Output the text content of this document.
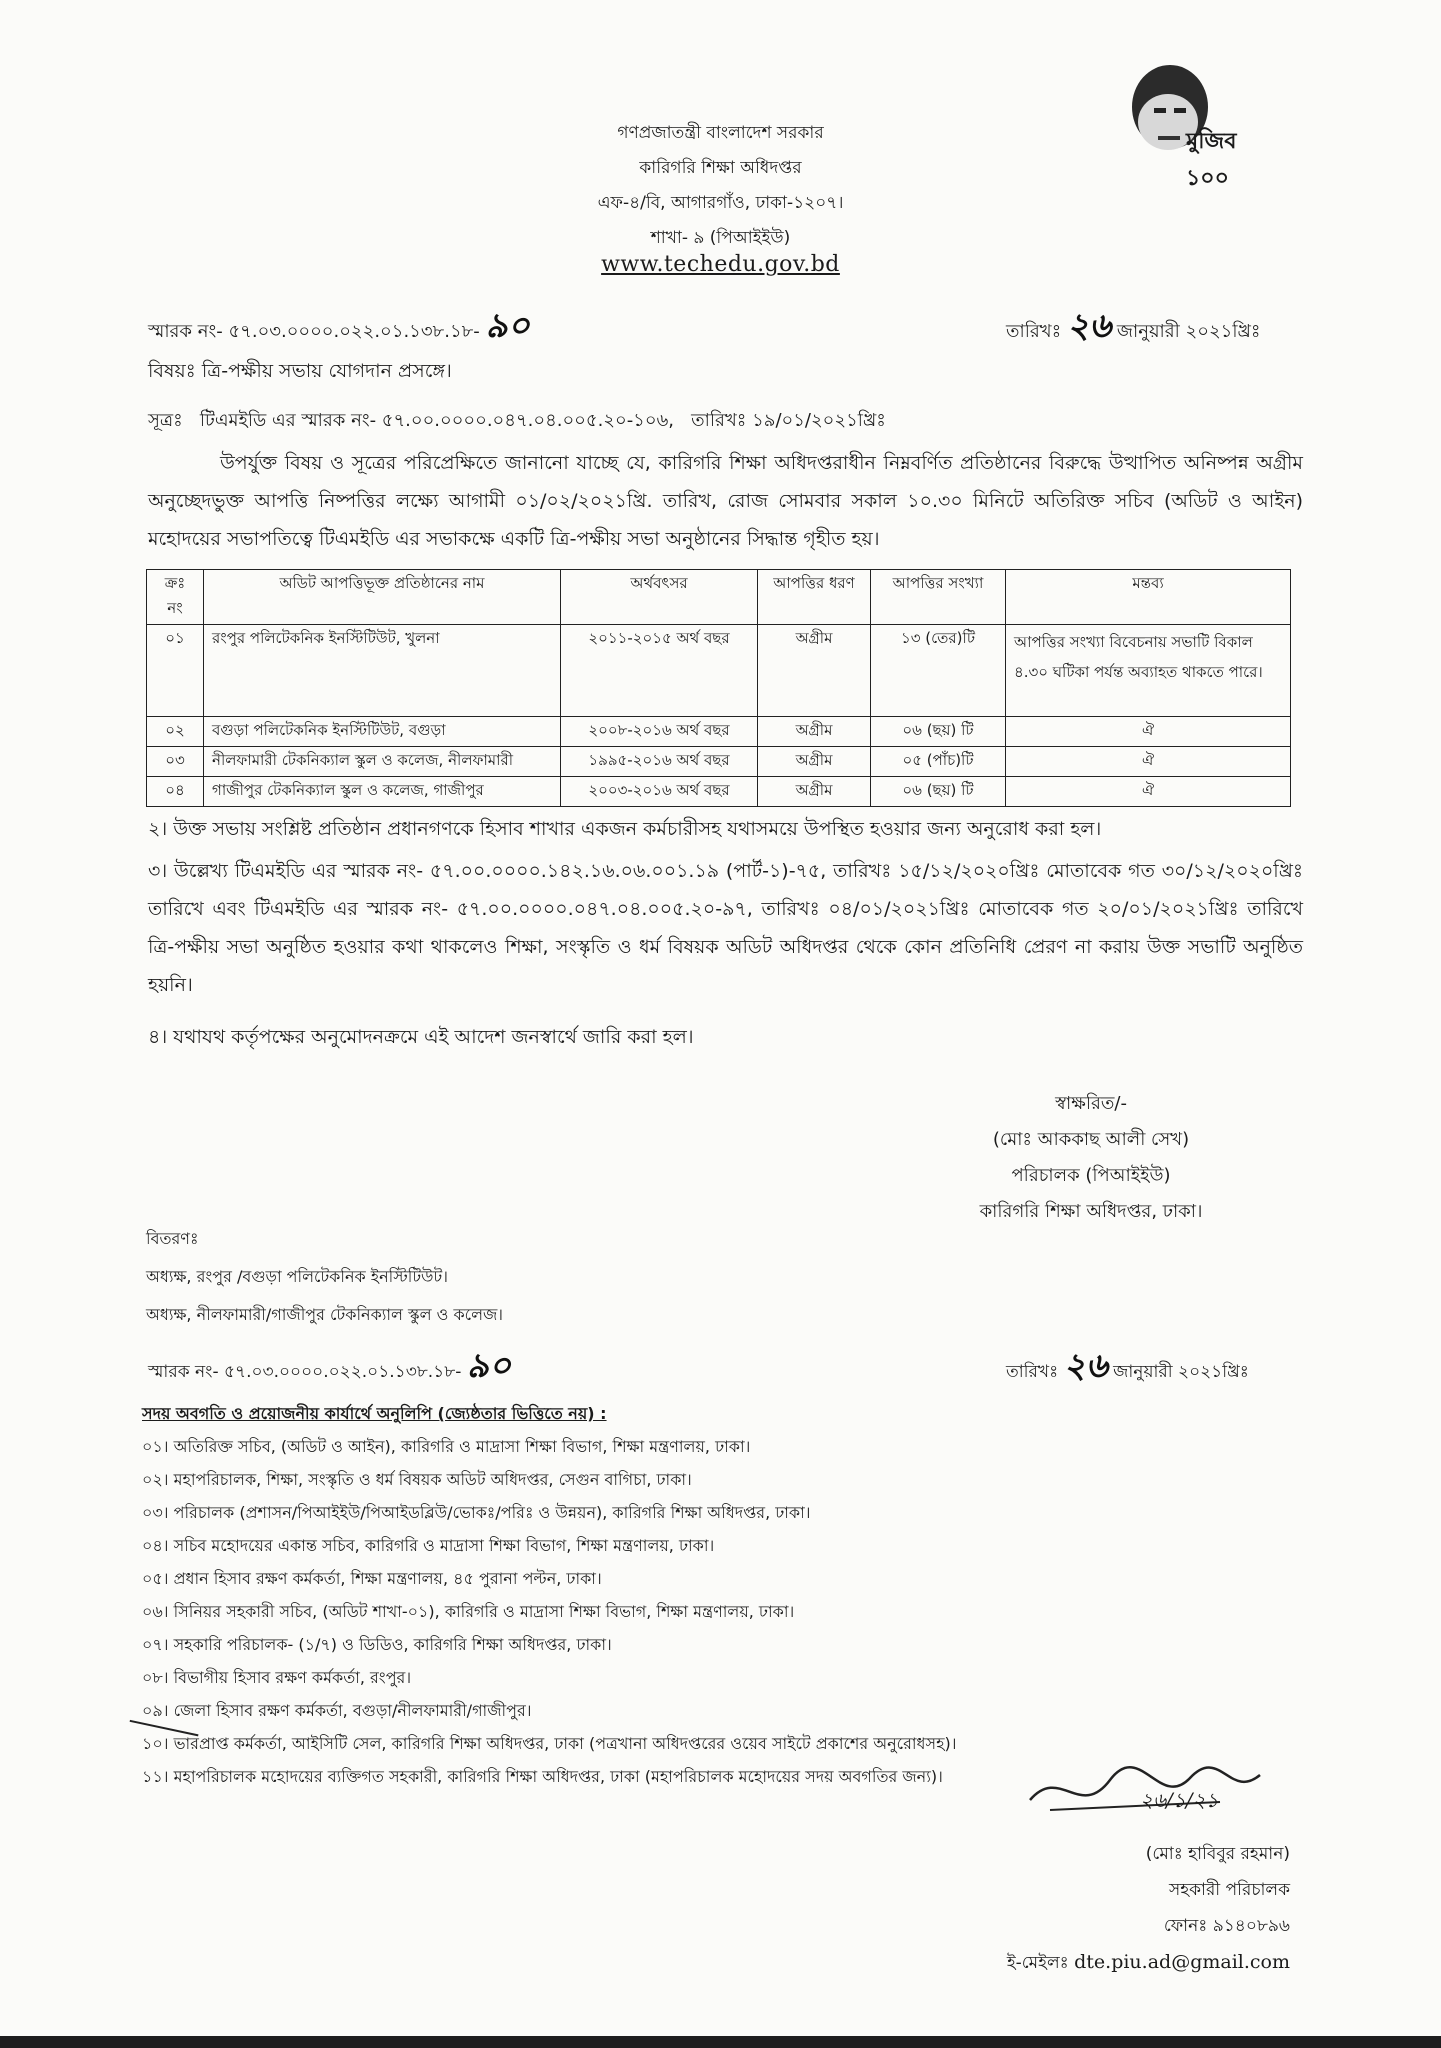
মুজিব ১০০
গণপ্রজাতন্ত্রী বাংলাদেশ সরকার
কারিগরি শিক্ষা অধিদপ্তর
এফ-৪/বি, আগারগাঁও, ঢাকা-১২০৭।
শাখা- ৯ (পিআইইউ)
www.techedu.gov.bd
স্মারক নং- ৫৭.০৩.০০০০.০২২.০১.১৩৮.১৮- ৯০	তারিখঃ ২৬ জানুয়ারী ২০২১খ্রিঃ
বিষয়ঃ ত্রি-পক্ষীয় সভায় যোগদান প্রসঙ্গে।
সূত্রঃ টিএমইডি এর স্মারক নং- ৫৭.০০.০০০০.০৪৭.০৪.০০৫.২০-১০৬, তারিখঃ ১৯/০১/২০২১খ্রিঃ
উপর্যুক্ত বিষয় ও সূত্রের পরিপ্রেক্ষিতে জানানো যাচ্ছে যে, কারিগরি শিক্ষা অধিদপ্তরাধীন নিম্নবর্ণিত প্রতিষ্ঠানের বিরুদ্ধে উত্থাপিত অনিষ্পন্ন অগ্রীম অনুচ্ছেদভুক্ত আপত্তি নিষ্পত্তির লক্ষ্যে আগামী ০১/০২/২০২১খ্রি. তারিখ, রোজ সোমবার সকাল ১০.৩০ মিনিটে অতিরিক্ত সচিব (অডিট ও আইন) মহোদয়ের সভাপতিত্বে টিএমইডি এর সভাকক্ষে একটি ত্রি-পক্ষীয় সভা অনুষ্ঠানের সিদ্ধান্ত গৃহীত হয়।
ক্রঃ নং	অডিট আপত্তিভূক্ত প্রতিষ্ঠানের নাম	অর্থবৎসর	আপত্তির ধরণ	আপত্তির সংখ্যা	মন্তব্য
০১	রংপুর পলিটেকনিক ইনস্টিটিউট, খুলনা	২০১১-২০১৫ অর্থ বছর	অগ্রীম	১৩ (তের)টি	আপত্তির সংখ্যা বিবেচনায় সভাটি বিকাল ৪.৩০ ঘটিকা পর্যন্ত অব্যাহত থাকতে পারে।
০২	বগুড়া পলিটেকনিক ইনস্টিটিউট, বগুড়া	২০০৮-২০১৬ অর্থ বছর	অগ্রীম	০৬ (ছয়) টি	ঐ
০৩	নীলফামারী টেকনিক্যাল স্কুল ও কলেজ, নীলফামারী	১৯৯৫-২০১৬ অর্থ বছর	অগ্রীম	০৫ (পাঁচ)টি	ঐ
০৪	গাজীপুর টেকনিক্যাল স্কুল ও কলেজ, গাজীপুর	২০০৩-২০১৬ অর্থ বছর	অগ্রীম	০৬ (ছয়) টি	ঐ
২। উক্ত সভায় সংশ্লিষ্ট প্রতিষ্ঠান প্রধানগণকে হিসাব শাখার একজন কর্মচারীসহ যথাসময়ে উপস্থিত হওয়ার জন্য অনুরোধ করা হল।
৩। উল্লেখ্য টিএমইডি এর স্মারক নং- ৫৭.০০.০০০০.১৪২.১৬.০৬.০০১.১৯ (পার্ট-১)-৭৫, তারিখঃ ১৫/১২/২০২০খ্রিঃ মোতাবেক গত ৩০/১২/২০২০খ্রিঃ তারিখে এবং টিএমইডি এর স্মারক নং- ৫৭.০০.০০০০.০৪৭.০৪.০০৫.২০-৯৭, তারিখঃ ০৪/০১/২০২১খ্রিঃ মোতাবেক গত ২০/০১/২০২১খ্রিঃ তারিখে ত্রি-পক্ষীয় সভা অনুষ্ঠিত হওয়ার কথা থাকলেও শিক্ষা, সংস্কৃতি ও ধর্ম বিষয়ক অডিট অধিদপ্তর থেকে কোন প্রতিনিধি প্রেরণ না করায় উক্ত সভাটি অনুষ্ঠিত হয়নি।
৪। যথাযথ কর্তৃপক্ষের অনুমোদনক্রমে এই আদেশ জনস্বার্থে জারি করা হল।
স্বাক্ষরিত/-
(মোঃ আককাছ আলী সেখ)
পরিচালক (পিআইইউ)
কারিগরি শিক্ষা অধিদপ্তর, ঢাকা।
বিতরণঃ
অধ্যক্ষ, রংপুর /বগুড়া পলিটেকনিক ইনস্টিটিউট।
অধ্যক্ষ, নীলফামারী/গাজীপুর টেকনিক্যাল স্কুল ও কলেজ।
স্মারক নং- ৫৭.০৩.০০০০.০২২.০১.১৩৮.১৮- ৯০	তারিখঃ ২৬ জানুয়ারী ২০২১খ্রিঃ
সদয় অবগতি ও প্রয়োজনীয় কার্যার্থে অনুলিপি (জ্যেষ্ঠতার ভিত্তিতে নয়) :
০১। অতিরিক্ত সচিব, (অডিট ও আইন), কারিগরি ও মাদ্রাসা শিক্ষা বিভাগ, শিক্ষা মন্ত্রণালয়, ঢাকা।
০২। মহাপরিচালক, শিক্ষা, সংস্কৃতি ও ধর্ম বিষয়ক অডিট অধিদপ্তর, সেগুন বাগিচা, ঢাকা।
০৩। পরিচালক (প্রশাসন/পিআইইউ/পিআইডব্লিউ/ভোকঃ/পরিঃ ও উন্নয়ন), কারিগরি শিক্ষা অধিদপ্তর, ঢাকা।
০৪। সচিব মহোদয়ের একান্ত সচিব, কারিগরি ও মাদ্রাসা শিক্ষা বিভাগ, শিক্ষা মন্ত্রণালয়, ঢাকা।
০৫। প্রধান হিসাব রক্ষণ কর্মকর্তা, শিক্ষা মন্ত্রণালয়, ৪৫ পুরানা পল্টন, ঢাকা।
০৬। সিনিয়র সহকারী সচিব, (অডিট শাখা-০১), কারিগরি ও মাদ্রাসা শিক্ষা বিভাগ, শিক্ষা মন্ত্রণালয়, ঢাকা।
০৭। সহকারি পরিচালক- (১/৭) ও ডিডিও, কারিগরি শিক্ষা অধিদপ্তর, ঢাকা।
০৮। বিভাগীয় হিসাব রক্ষণ কর্মকর্তা, রংপুর।
০৯। জেলা হিসাব রক্ষণ কর্মকর্তা, বগুড়া/নীলফামারী/গাজীপুর।
১০। ভারপ্রাপ্ত কর্মকর্তা, আইসিটি সেল, কারিগরি শিক্ষা অধিদপ্তর, ঢাকা (পত্রখানা অধিদপ্তরের ওয়েব সাইটে প্রকাশের অনুরোধসহ)।
১১। মহাপরিচালক মহোদয়ের ব্যক্তিগত সহকারী, কারিগরি শিক্ষা অধিদপ্তর, ঢাকা (মহাপরিচালক মহোদয়ের সদয় অবগতির জন্য)।
২৬/১/২১
(মোঃ হাবিবুর রহমান)
সহকারী পরিচালক
ফোনঃ ৯১৪০৮৯৬
ই-মেইলঃ dte.piu.ad@gmail.com
